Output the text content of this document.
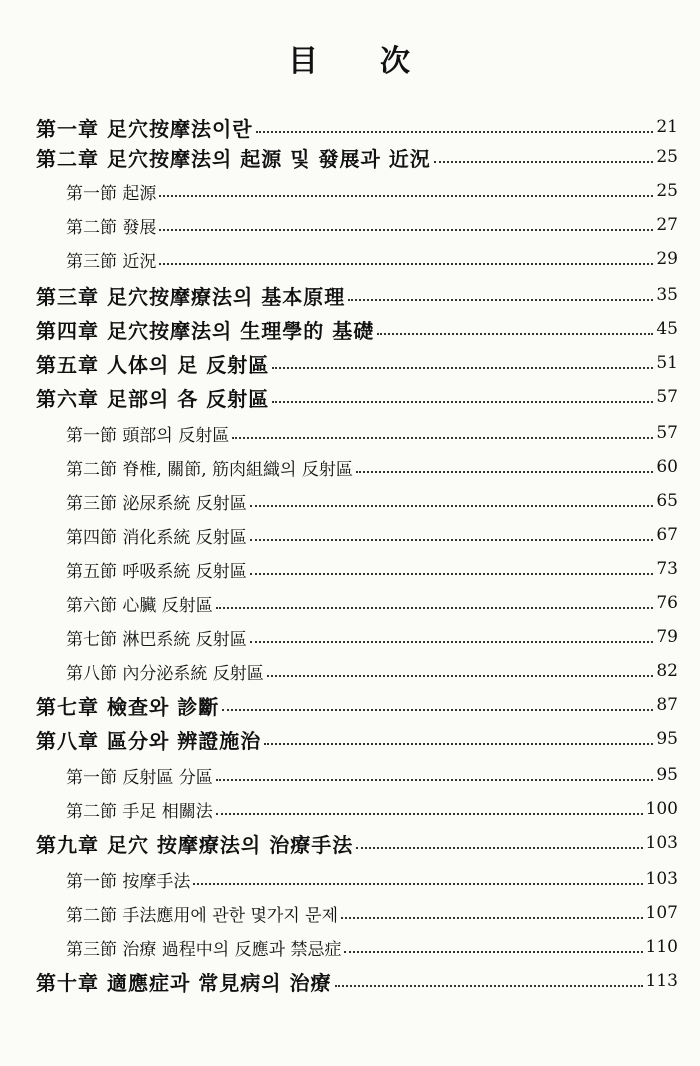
目 次
第一章 足穴按摩法이란	21
第二章 足穴按摩法의 起源 및 發展과 近況	25
第一節 起源	25
第二節 發展	27
第三節 近況	29
第三章 足穴按摩療法의 基本原理	35
第四章 足穴按摩法의 生理學的 基礎	45
第五章 人体의 足 反射區	51
第六章 足部의 各 反射區	57
第一節 頭部의 反射區	57
第二節 脊椎, 關節, 筋肉組織의 反射區	60
第三節 泌尿系統 反射區	65
第四節 消化系統 反射區	67
第五節 呼吸系統 反射區	73
第六節 心臟 反射區	76
第七節 淋巴系統 反射區	79
第八節 內分泌系統 反射區	82
第七章 檢查와 診斷	87
第八章 區分와 辨證施治	95
第一節 反射區 分區	95
第二節 手足 相關法	100
第九章 足穴 按摩療法의 治療手法	103
第一節 按摩手法	103
第二節 手法應用에 관한 몇가지 문제	107
第三節 治療 過程中의 反應과 禁忌症	110
第十章 適應症과 常見病의 治療	113
